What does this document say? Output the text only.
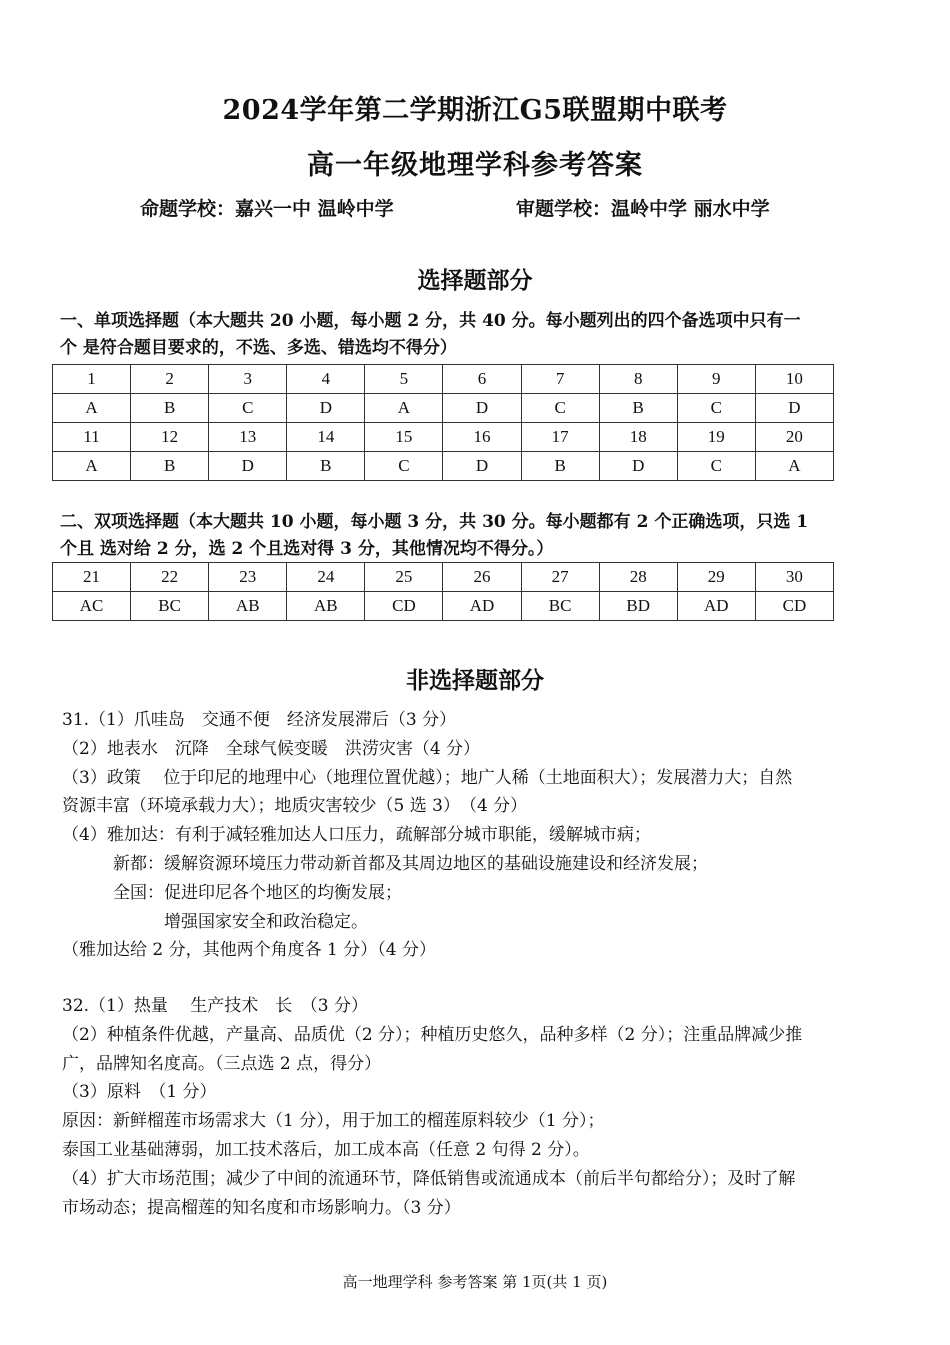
2024学年第二学期浙江G5联盟期中联考
高一年级地理学科参考答案
命题学校：嘉兴一中 温岭中学	审题学校：温岭中学 丽水中学
选择题部分
一、单项选择题（本大题共 20 小题，每小题 2 分，共 40 分。每小题列出的四个备选项中只有一
个 是符合题目要求的，不选、多选、错选均不得分）
1	2	3	4	5	6	7	8	9	10
A	B	C	D	A	D	C	B	C	D
11	12	13	14	15	16	17	18	19	20
A	B	D	B	C	D	B	D	C	A
二、双项选择题（本大题共 10 小题，每小题 3 分，共 30 分。每小题都有 2 个正确选项，只选 1
个且 选对给 2 分，选 2 个且选对得 3 分，其他情况均不得分。）
21	22	23	24	25	26	27	28	29	30
AC	BC	AB	AB	CD	AD	BC	BD	AD	CD
非选择题部分
31.（1）爪哇岛　交通不便　经济发展滞后（3 分）
（2）地表水　沉降　全球气候变暖　洪涝灾害（4 分）
（3）政策　 位于印尼的地理中心（地理位置优越）；地广人稀（土地面积大）；发展潜力大；自然
资源丰富（环境承载力大）；地质灾害较少（5 选 3）　（4 分）
（4）雅加达：有利于减轻雅加达人口压力，疏解部分城市职能，缓解城市病；
　　　新都：缓解资源环境压力带动新首都及其周边地区的基础设施建设和经济发展；
　　　全国：促进印尼各个地区的均衡发展；
　　　　　　增强国家安全和政治稳定。
（雅加达给 2 分，其他两个角度各 1 分）（4 分）
32.（1）热量　 生产技术　长　（3 分）
（2）种植条件优越，产量高、品质优（2 分）；种植历史悠久，品种多样（2 分）；注重品牌减少推
广，品牌知名度高。（三点选 2 点，得分）
（3）原料　（1 分）
原因：新鲜榴莲市场需求大（1 分），用于加工的榴莲原料较少（1 分）；
泰国工业基础薄弱，加工技术落后，加工成本高（任意 2 句得 2 分）。
（4）扩大市场范围；减少了中间的流通环节，降低销售或流通成本（前后半句都给分）；及时了解
市场动态；提高榴莲的知名度和市场影响力。（3 分）
高一地理学科 参考答案 第 1页(共 1 页)
